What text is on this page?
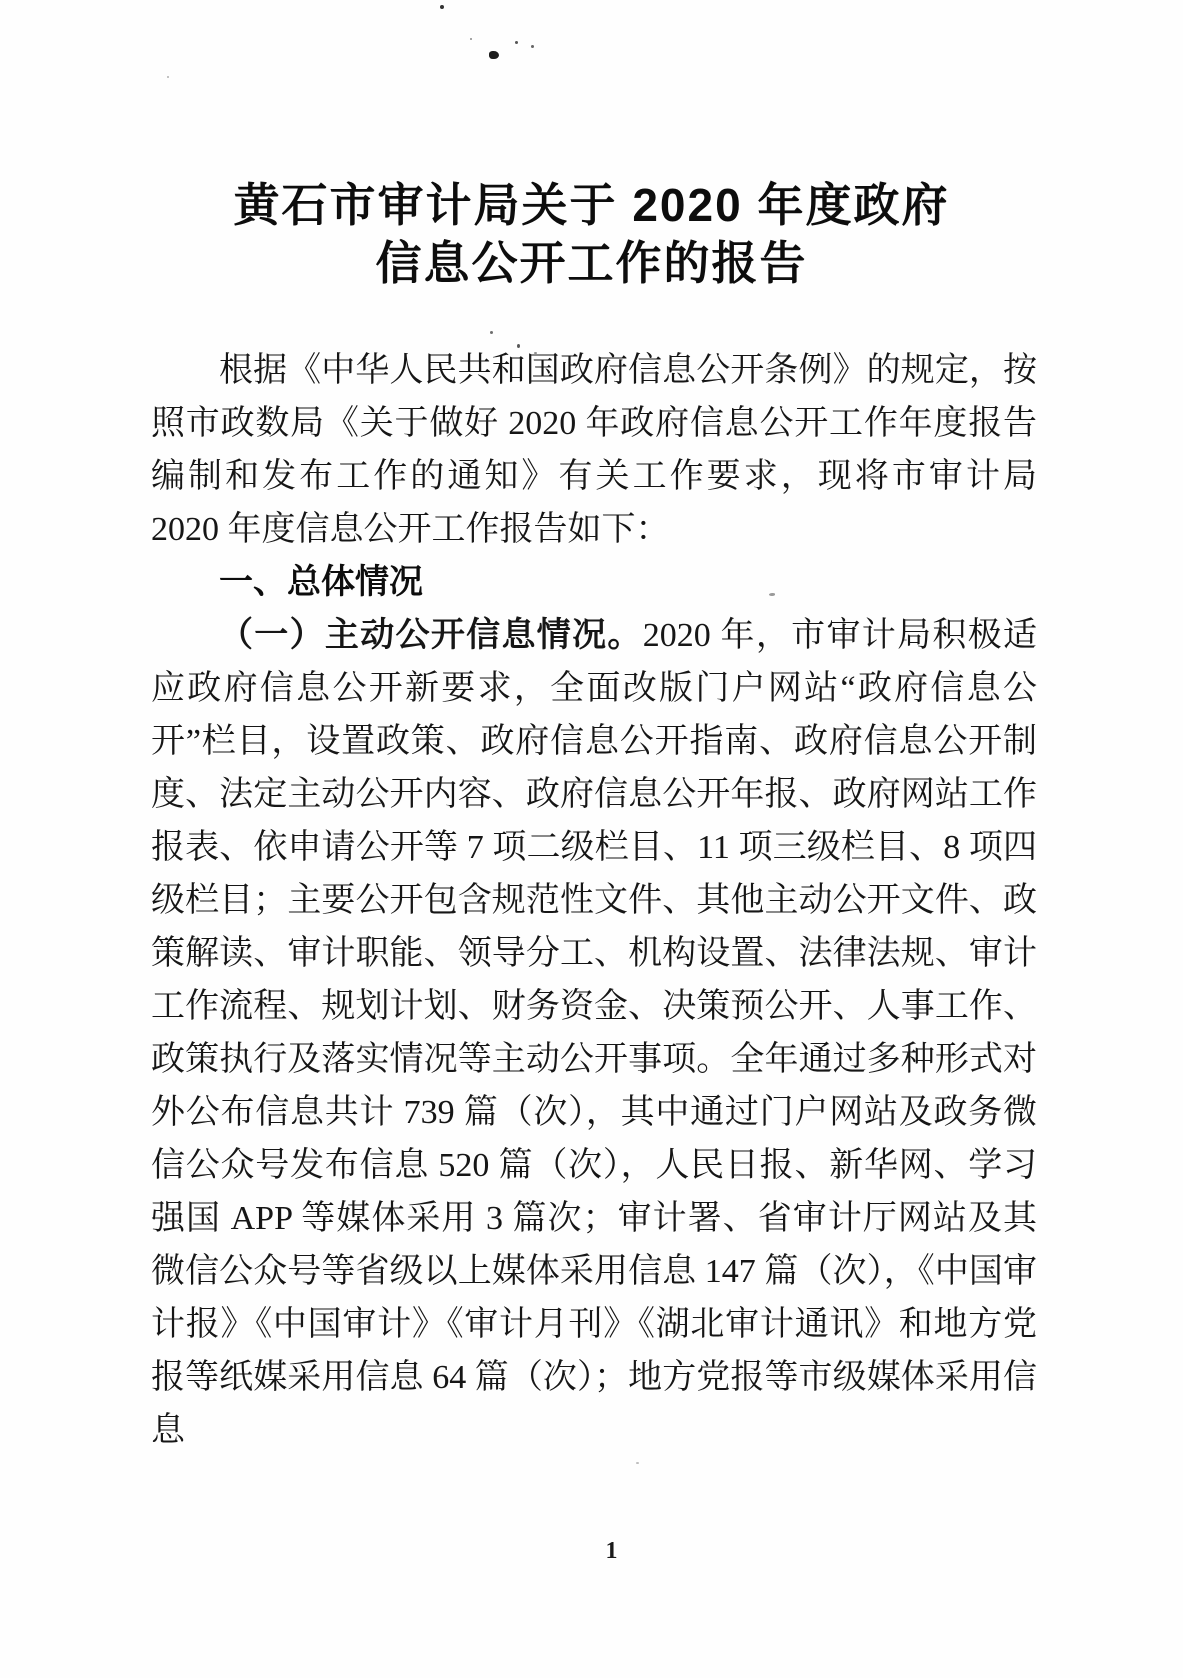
黄石市审计局关于 2020 年度政府
信息公开工作的报告

根据《中华人民共和国政府信息公开条例》的规定，按照市政数局《关于做好 2020 年政府信息公开工作年度报告编制和发布工作的通知》有关工作要求，现将市审计局 2020 年度信息公开工作报告如下：

一、总体情况

（一）主动公开信息情况。2020 年，市审计局积极适应政府信息公开新要求，全面改版门户网站“政府信息公开”栏目，设置政策、政府信息公开指南、政府信息公开制度、法定主动公开内容、政府信息公开年报、政府网站工作报表、依申请公开等 7 项二级栏目、11 项三级栏目、8 项四级栏目；主要公开包含规范性文件、其他主动公开文件、政策解读、审计职能、领导分工、机构设置、法律法规、审计工作流程、规划计划、财务资金、决策预公开、人事工作、政策执行及落实情况等主动公开事项。全年通过多种形式对外公布信息共计 739 篇（次），其中通过门户网站及政务微信公众号发布信息 520 篇（次），人民日报、新华网、学习强国 APP 等媒体采用 3 篇次；审计署、省审计厅网站及其微信公众号等省级以上媒体采用信息 147 篇（次），《中国审计报》《中国审计》《审计月刊》《湖北审计通讯》和地方党报等纸媒采用信息 64 篇（次）；地方党报等市级媒体采用信息

1
